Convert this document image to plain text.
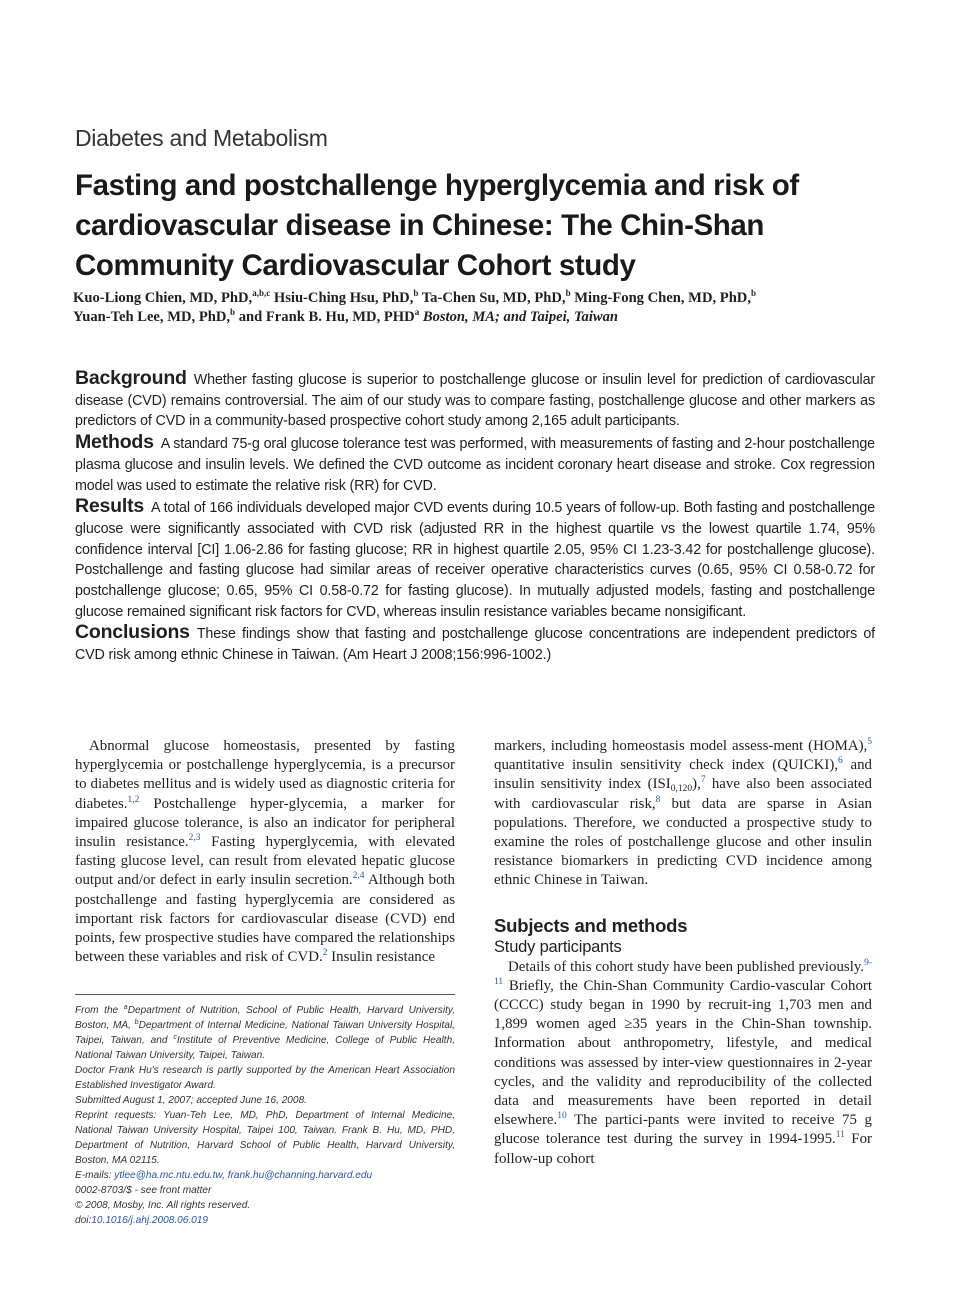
Diabetes and Metabolism
Fasting and postchallenge hyperglycemia and risk of cardiovascular disease in Chinese: The Chin-Shan Community Cardiovascular Cohort study
Kuo-Liong Chien, MD, PhD,$^{a,b,c}$ Hsiu-Ching Hsu, PhD,$^b$ Ta-Chen Su, MD, PhD,$^b$ Ming-Fong Chen, MD, PhD,$^b$
Yuan-Teh Lee, MD, PhD,$^b$ and Frank B. Hu, MD, PHD$^a$ Boston, MA; and Taipei, Taiwan

Background Whether fasting glucose is superior to postchallenge glucose or insulin level for prediction of cardiovascular disease (CVD) remains controversial. The aim of our study was to compare fasting, postchallenge glucose and other markers as predictors of CVD in a community-based prospective cohort study among 2,165 adult participants.

Methods A standard 75-g oral glucose tolerance test was performed, with measurements of fasting and 2-hour postchallenge plasma glucose and insulin levels. We defined the CVD outcome as incident coronary heart disease and stroke. Cox regression model was used to estimate the relative risk (RR) for CVD.

Results A total of 166 individuals developed major CVD events during 10.5 years of follow-up. Both fasting and postchallenge glucose were significantly associated with CVD risk (adjusted RR in the highest quartile vs the lowest quartile 1.74, 95% confidence interval [CI] 1.06-2.86 for fasting glucose; RR in highest quartile 2.05, 95% CI 1.23-3.42 for postchallenge glucose). Postchallenge and fasting glucose had similar areas of receiver operative characteristics curves (0.65, 95% CI 0.58-0.72 for postchallenge glucose; 0.65, 95% CI 0.58-0.72 for fasting glucose). In mutually adjusted models, fasting and postchallenge glucose remained significant risk factors for CVD, whereas insulin resistance variables became nonsigificant.

Conclusions These findings show that fasting and postchallenge glucose concentrations are independent predictors of CVD risk among ethnic Chinese in Taiwan. (Am Heart J 2008;156:996-1002.)

Abnormal glucose homeostasis, presented by fasting hyperglycemia or postchallenge hyperglycemia, is a precursor to diabetes mellitus and is widely used as diagnostic criteria for diabetes.$^{1,2}$ Postchallenge hyper-glycemia, a marker for impaired glucose tolerance, is also an indicator for peripheral insulin resistance.$^{2,3}$ Fasting hyperglycemia, with elevated fasting glucose level, can result from elevated hepatic glucose output and/or defect in early insulin secretion.$^{2,4}$ Although both postchallenge and fasting hyperglycemia are considered as important risk factors for cardiovascular disease (CVD) end points, few prospective studies have compared the relationships between these variables and risk of CVD.$^2$ Insulin resistance

markers, including homeostasis model assess-ment (HOMA),$^5$ quantitative insulin sensitivity check index (QUICKI),$^6$ and insulin sensitivity index $(ISI_{0,120}),^7$ have also been associated with cardiovascular risk,$^8$ but data are sparse in Asian populations. Therefore, we conducted a prospective study to examine the roles of postchallenge glucose and other insulin resistance biomarkers in predicting CVD incidence among ethnic Chinese in Taiwan.

Subjects and methods
Study participants

Details of this cohort study have been published previously.$^{9-11}$ Briefly, the Chin-Shan Community Cardio-vascular Cohort (CCCC) study began in 1990 by recruit-ing 1,703 men and 1,899 women aged ≥35 years in the Chin-Shan township. Information about anthropometry, lifestyle, and medical conditions was assessed by inter-view questionnaires in 2-year cycles, and the validity and reproducibility of the collected data and measurements have been reported in detail elsewhere.$^{10}$ The partici-pants were invited to receive 75 g glucose tolerance test during the survey in 1994-1995.11 For follow-up cohort

From the $^a$Department of Nutrition, School of Public Health, Harvard University, Boston, MA, $^b$Department of Internal Medicine, National Taiwan University Hospital, Taipei, Taiwan, and $^c$Institute of Preventive Medicine, College of Public Health, National Taiwan University, Taipei, Taiwan.

Doctor Frank Hu's research is partly supported by the American Heart Association Established Investigator Award.

Submitted August 1, 2007; accepted June 16, 2008.

Reprint requests: Yuan-Teh Lee, MD, PhD, Department of Internal Medicine, National Taiwan University Hospital, Taipei 100, Taiwan. Frank B. Hu, MD, PHD, Department of Nutrition, Harvard School of Public Health, Harvard University, Boston, MA 02115.

E-mails: ytlee@ha.mc.ntu.edu.tw, frank.hu@channing.harvard.edu

0002-8703/$ - see front matter

© 2008, Mosby, Inc. All rights reserved.

doi:10.1016/j.ahj.2008.06.019
